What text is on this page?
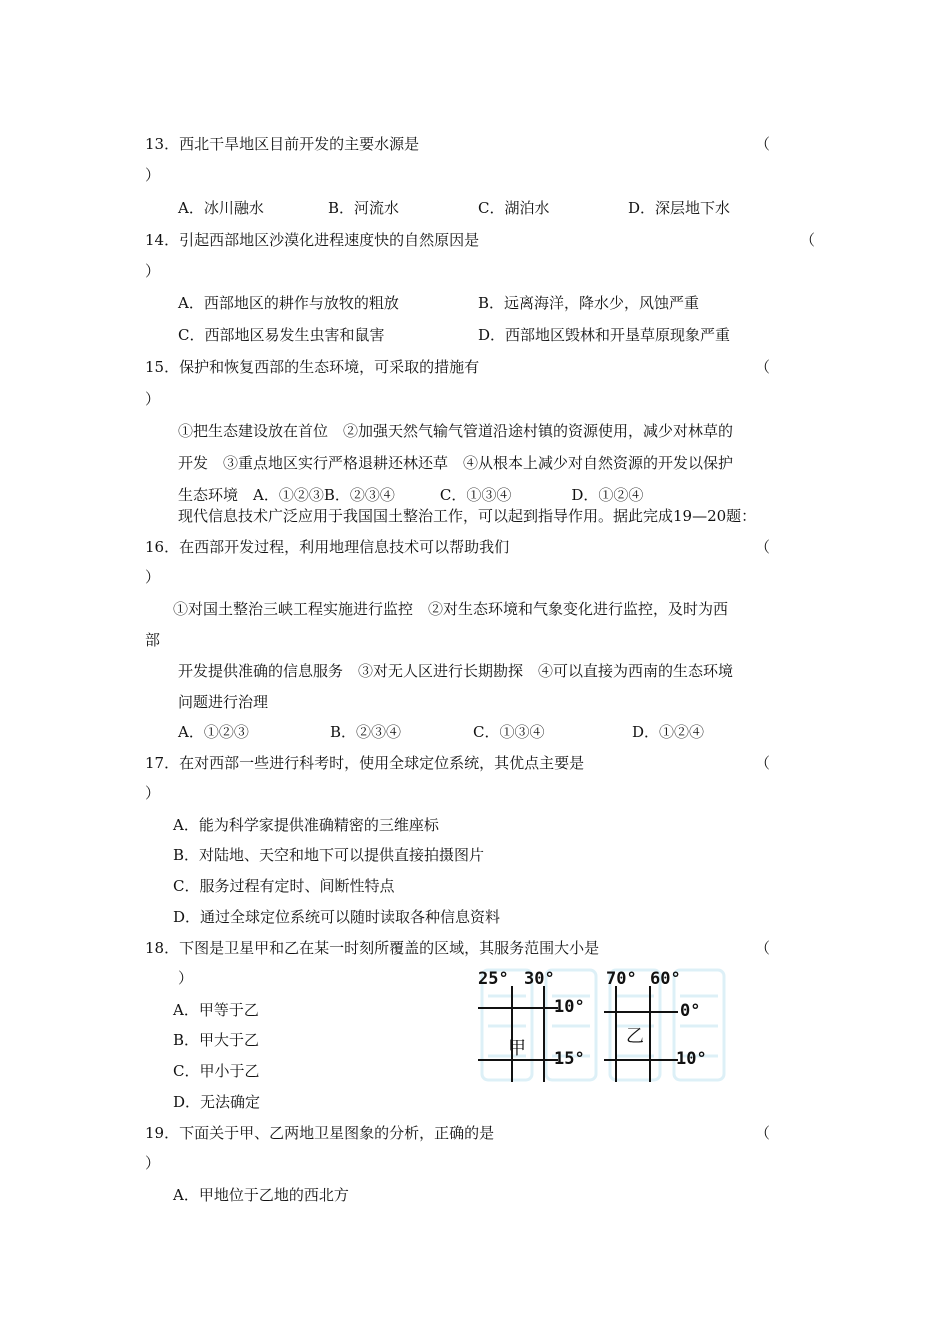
13．西北干旱地区目前开发的主要水源是	（
）
A．冰川融水	B．河流水	C．湖泊水	D．深层地下水
14．引起西部地区沙漠化进程速度快的自然原因是	（
）
A．西部地区的耕作与放牧的粗放	B．远离海洋，降水少，风蚀严重
C．西部地区易发生虫害和鼠害	D．西部地区毁林和开垦草原现象严重
15．保护和恢复西部的生态环境，可采取的措施有	（
）
①把生态建设放在首位　②加强天然气输气管道沿途村镇的资源使用，减少对林草的
开发　③重点地区实行严格退耕还林还草　④从根本上减少对自然资源的开发以保护
生态环境　A．①②③B．②③④　　　C．①③④　　　　D．①②④
现代信息技术广泛应用于我国国土整治工作，可以起到指导作用。据此完成19—20题：
16．在西部开发过程，利用地理信息技术可以帮助我们	（
）
①对国土整治三峡工程实施进行监控　②对生态环境和气象变化进行监控，及时为西
部
开发提供准确的信息服务　③对无人区进行长期勘探　④可以直接为西南的生态环境
问题进行治理
A．①②③	B．②③④	C．①③④	D．①②④
17．在对西部一些进行科考时，使用全球定位系统，其优点主要是	（
）
A．能为科学家提供准确精密的三维座标
B．对陆地、天空和地下可以提供直接拍摄图片
C．服务过程有定时、间断性特点
D．通过全球定位系统可以随时读取各种信息资料
18．下图是卫星甲和乙在某一时刻所覆盖的区域，其服务范围大小是	（
）
A．甲等于乙
B．甲大于乙
C．甲小于乙
D．无法确定
25° 30°
10°
15°
70° 60°
0°
10°
甲
乙
19．下面关于甲、乙两地卫星图象的分析，正确的是	（
）
A．甲地位于乙地的西北方
